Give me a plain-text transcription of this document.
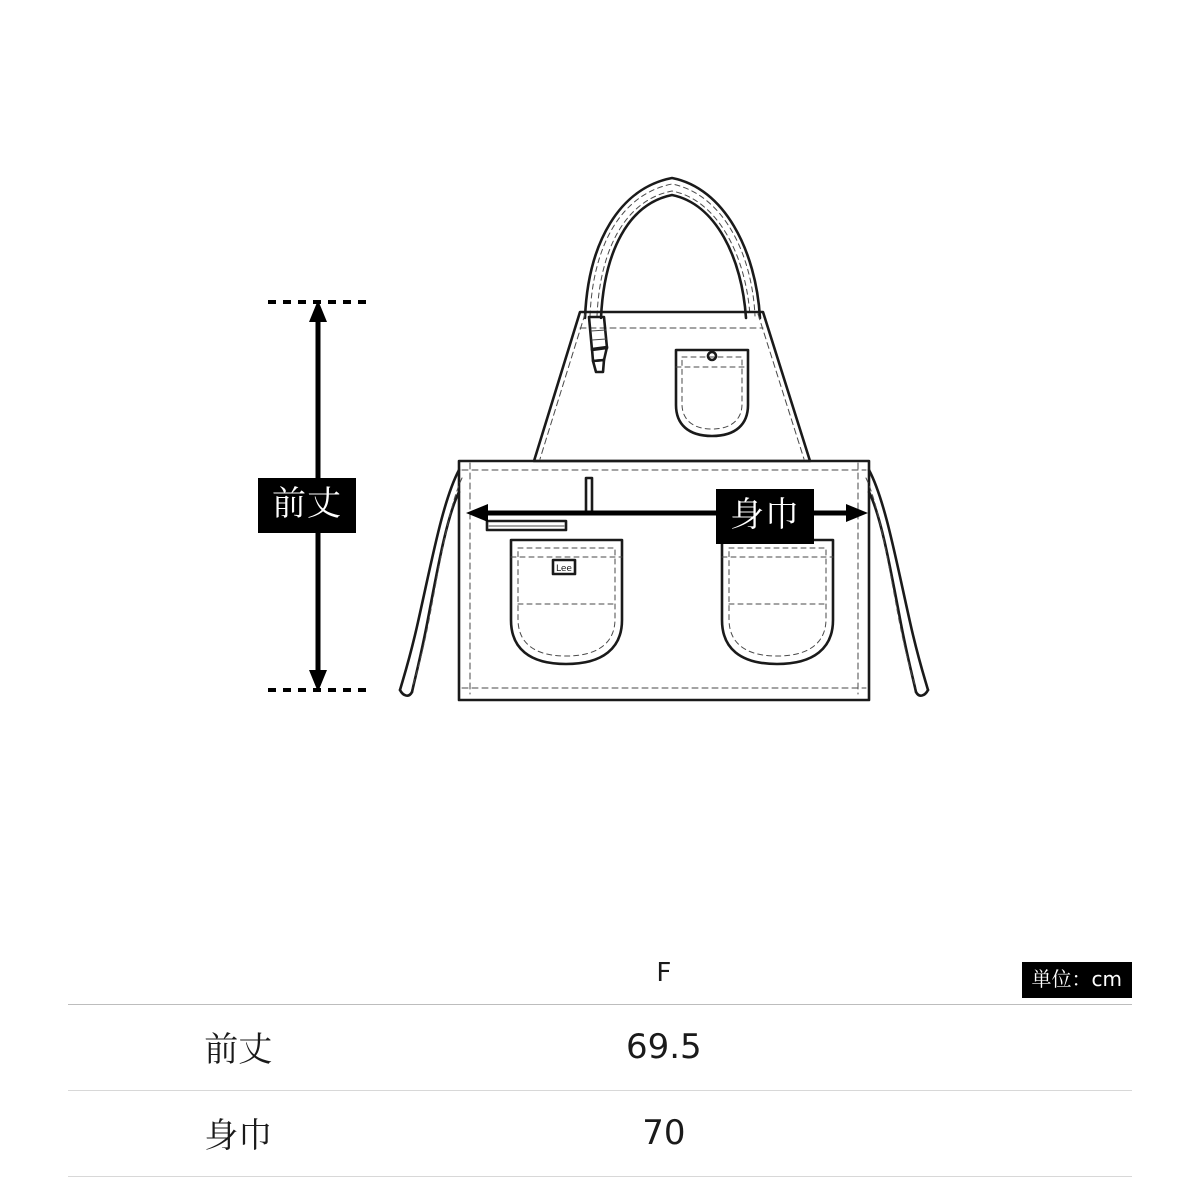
Lee
前丈	身巾
単位：cm
	F	
前丈	69.5	
身巾	70	
